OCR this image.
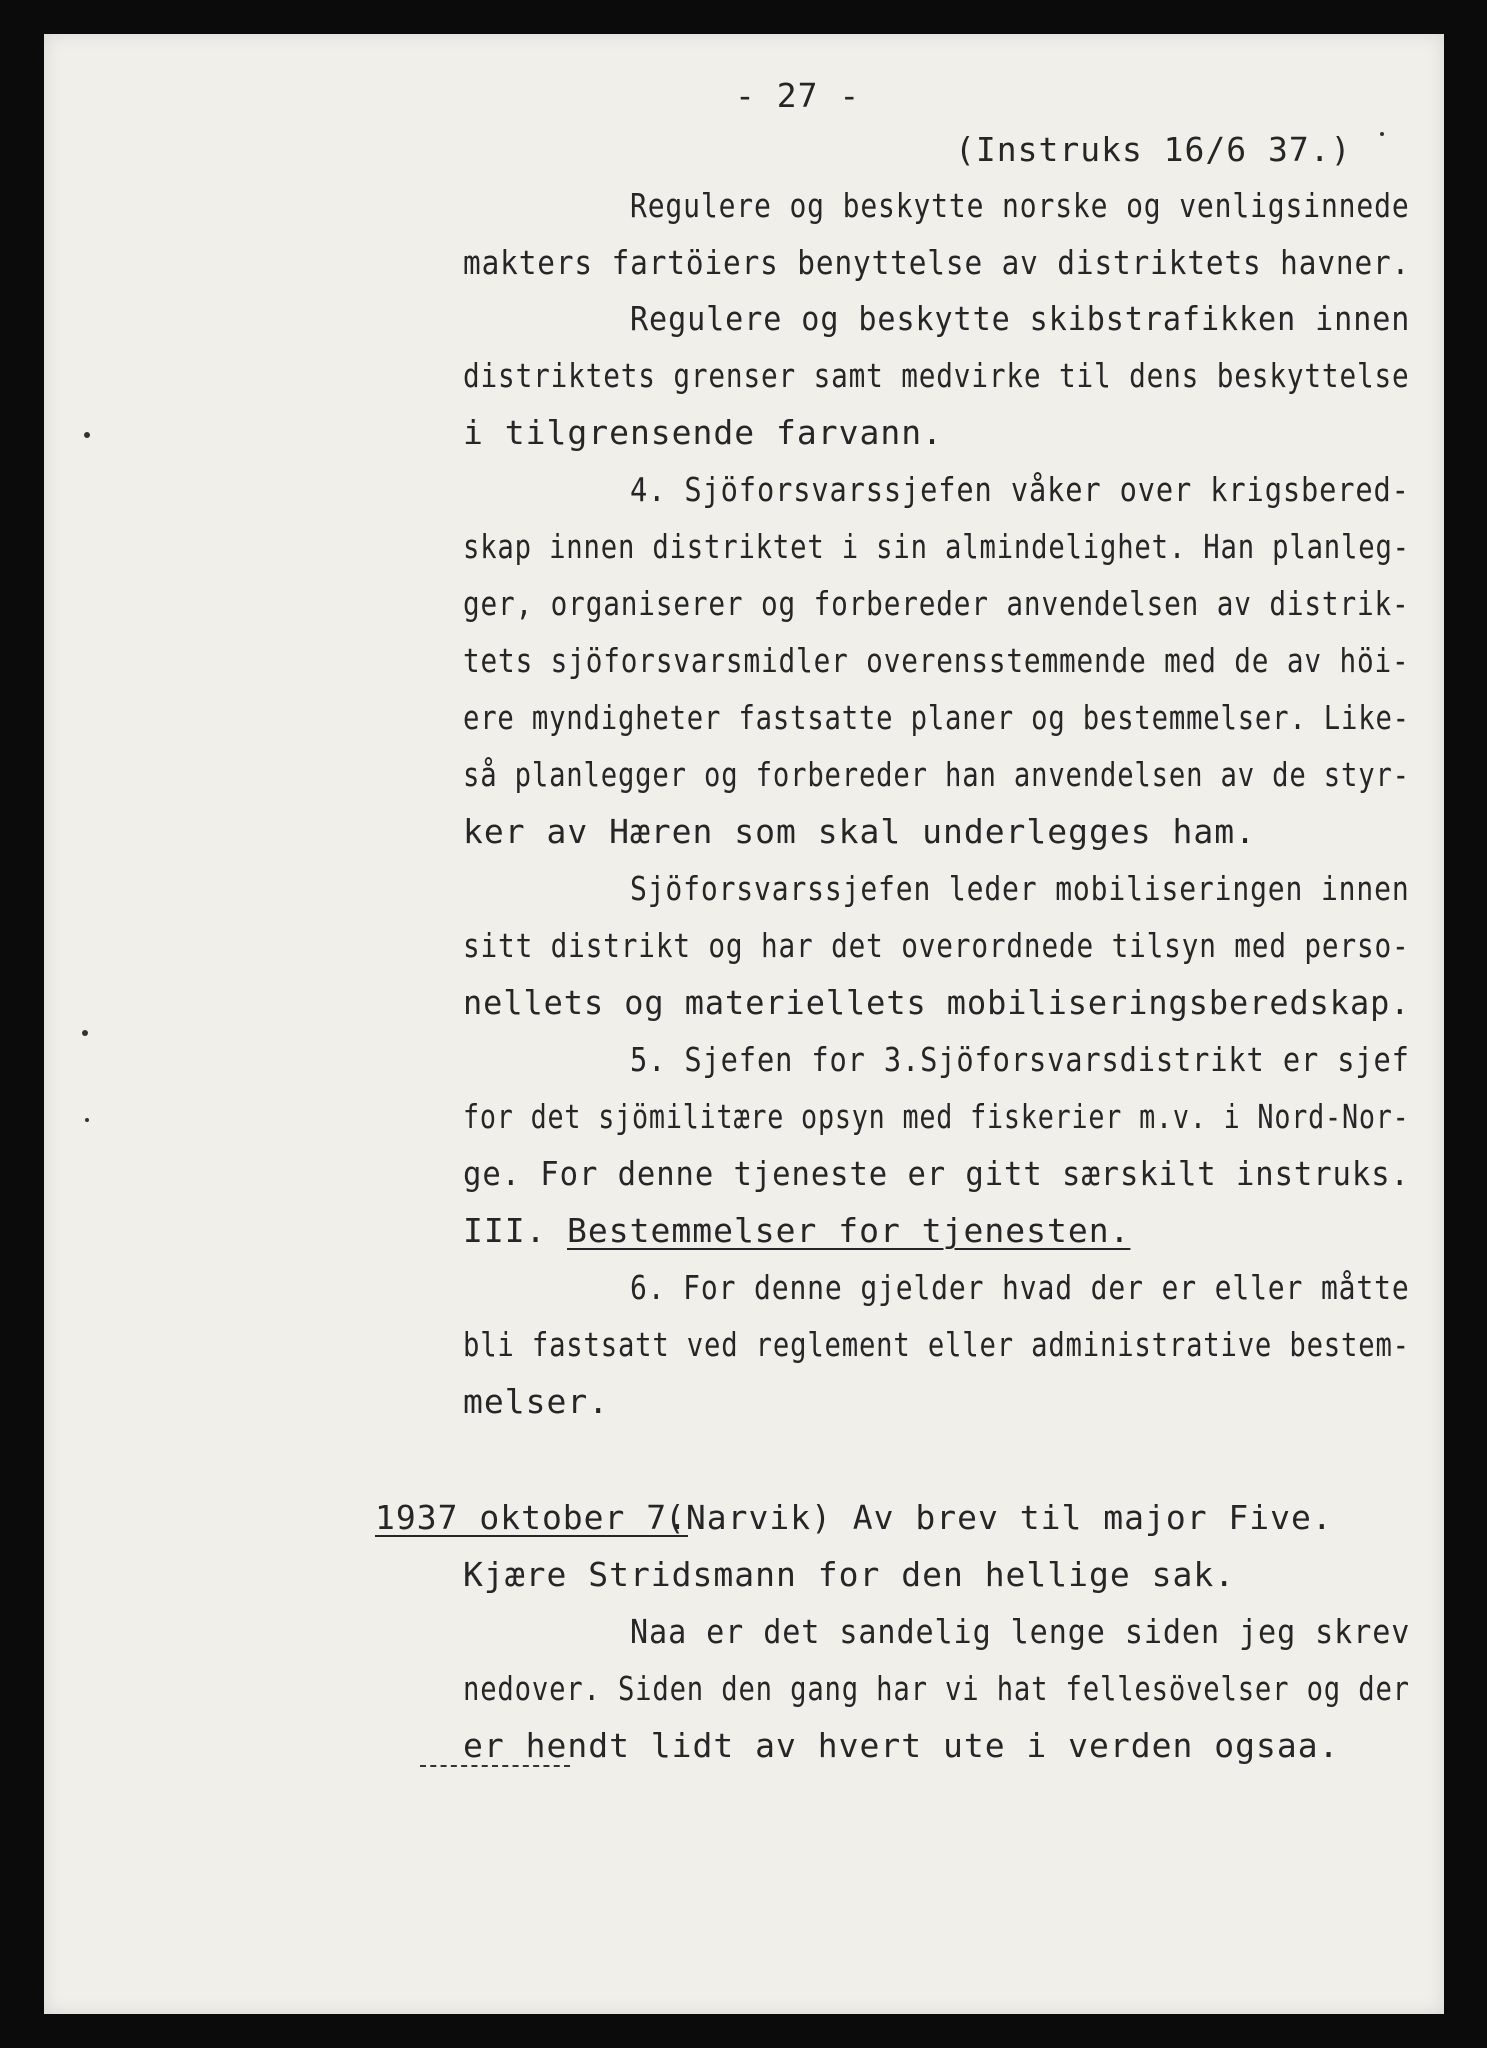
- 27 -
(Instruks 16/6 37.)
Regulere og beskytte norske og venligsinnede
makters fartöiers benyttelse av distriktets havner.
Regulere og beskytte skibstrafikken innen
distriktets grenser samt medvirke til dens beskyttelse
i tilgrensende farvann.
4. Sjöforsvarssjefen våker over krigsbered-
skap innen distriktet i sin almindelighet. Han planleg-
ger, organiserer og forbereder anvendelsen av distrik-
tets sjöforsvarsmidler overensstemmende med de av höi-
ere myndigheter fastsatte planer og bestemmelser. Like-
så planlegger og forbereder han anvendelsen av de styr-
ker av Hæren som skal underlegges ham.
Sjöforsvarssjefen leder mobiliseringen innen
sitt distrikt og har det overordnede tilsyn med perso-
nellets og materiellets mobiliseringsberedskap.
5. Sjefen for 3.Sjöforsvarsdistrikt er sjef
for det sjömilitære opsyn med fiskerier m.v. i Nord-Nor-
ge. For denne tjeneste er gitt særskilt instruks.
III. Bestemmelser for tjenesten.
6. For denne gjelder hvad der er eller måtte
bli fastsatt ved reglement eller administrative bestem-
melser.
1937 oktober 7.
(Narvik) Av brev til major Five.
Kjære Stridsmann for den hellige sak.
Naa er det sandelig lenge siden jeg skrev
nedover. Siden den gang har vi hat fellesövelser og der
er hendt lidt av hvert ute i verden ogsaa.
